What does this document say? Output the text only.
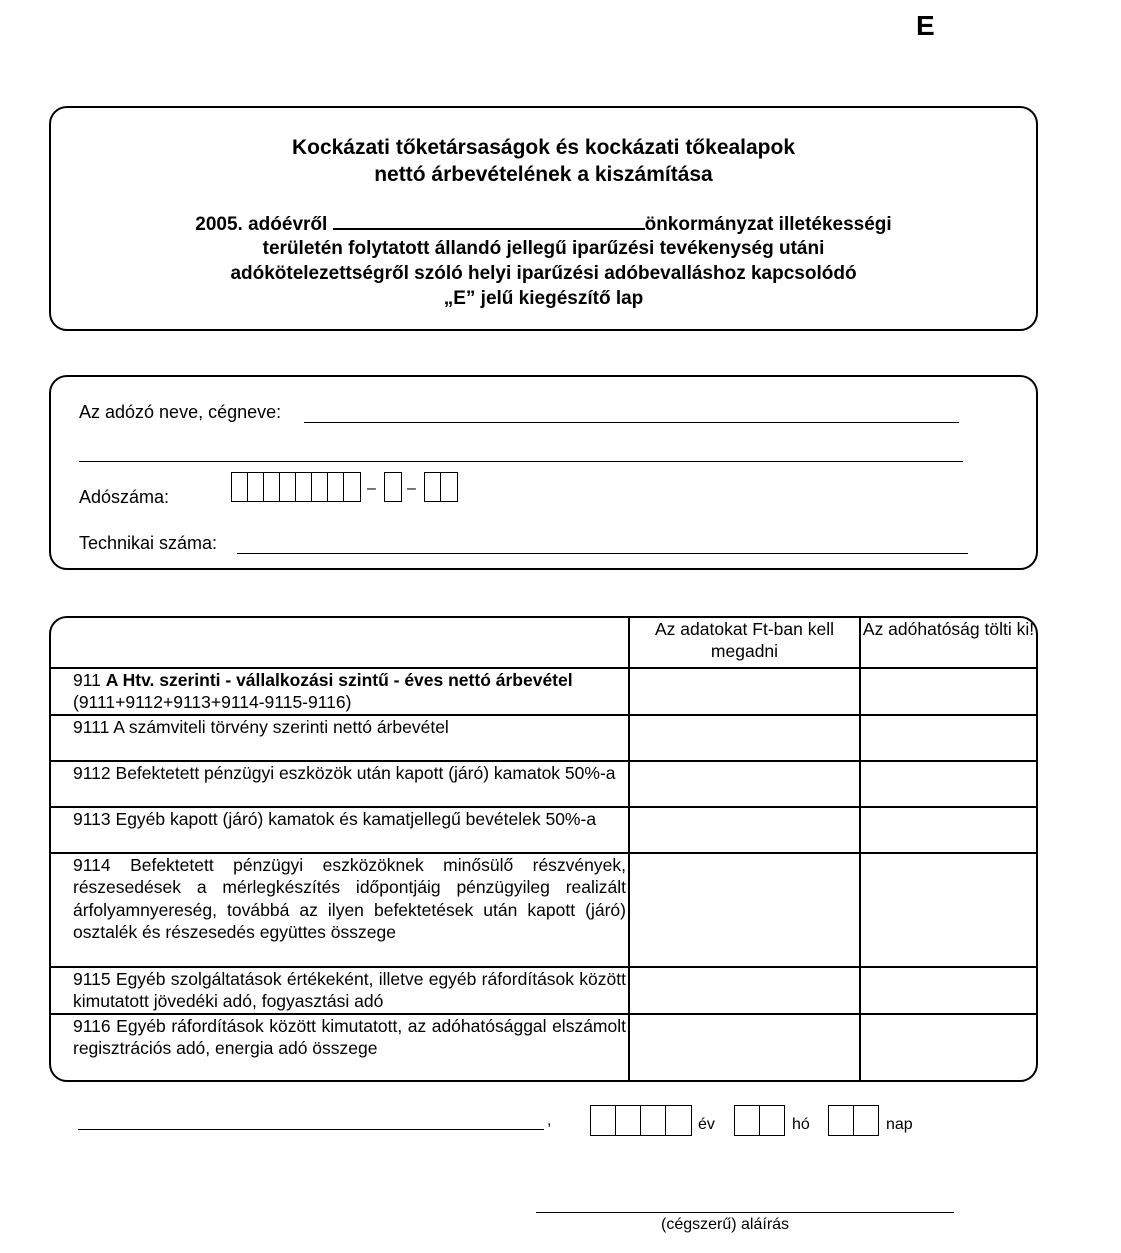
E
Kockázati tőketársaságok és kockázati tőkealapok
nettó árbevételének a kiszámítása
2005. adóévről	önkormányzat illetékességi
területén folytatott állandó jellegű iparűzési tevékenység utáni
adókötelezettségről szóló helyi iparűzési adóbevalláshoz kapcsolódó
„E” jelű kiegészítő lap
Az adózó neve, cégneve:
Adószáma:	– –
Technikai száma:
	Az adatokat Ft-ban kell megadni	Az adóhatóság tölti ki!
911 A Htv. szerinti - vállalkozási szintű - éves nettó árbevétel (9111+9112+9113+9114-9115-9116)		
9111 A számviteli törvény szerinti nettó árbevétel		
9112 Befektetett pénzügyi eszközök után kapott (járó) kamatok 50%-a		
9113 Egyéb kapott (járó) kamatok és kamatjellegű bevételek 50%-a		
9114 Befektetett pénzügyi eszközöknek minősülő részvények, részesedések a mérlegkészítés időpontjáig pénzügyileg realizált árfolyamnyereség, továbbá az ilyen befektetések után kapott (járó) osztalék és részesedés együttes összege		
9115 Egyéb szolgáltatások értékeként, illetve egyéb ráfordítások között kimutatott jövedéki adó, fogyasztási adó		
9116 Egyéb ráfordítások között kimutatott, az adóhatósággal elszámolt regisztrációs adó, energia adó összege		
,	év	hó	nap
(cégszerű) aláírás
